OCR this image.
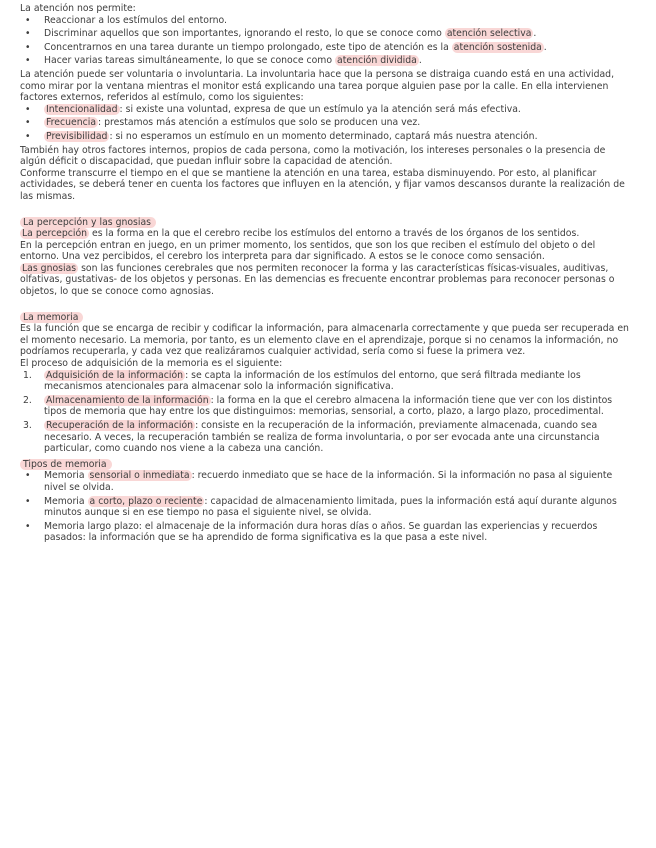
La atención nos permite:

• Reaccionar a los estímulos del entorno.
• Discriminar aquellos que son importantes, ignorando el resto, lo que se conoce como atención selectiva .
• Concentrarnos en una tarea durante un tiempo prolongado, este tipo de atención es la atención sostenida .
• Hacer varias tareas simultáneamente, lo que se conoce como atención dividida .

La atención puede ser voluntaria o involuntaria. La involuntaria hace que la persona se distraiga cuando está en una actividad, como mirar por la ventana mientras el monitor está explicando una tarea porque alguien pase por la calle. En ella intervienen factores externos, referidos al estímulo, como los siguientes:

• Intencionalidad : si existe una voluntad, expresa de que un estímulo ya la atención será más efectiva.
• Frecuencia : prestamos más atención a estímulos que solo se producen una vez.
• Previsibilidad : si no esperamos un estímulo en un momento determinado, captará más nuestra atención.

También hay otros factores internos, propios de cada persona, como la motivación, los intereses personales o la presencia de algún déficit o discapacidad, que puedan influir sobre la capacidad de atención.

Conforme transcurre el tiempo en el que se mantiene la atención en una tarea, estaba disminuyendo. Por esto, al planificar actividades, se deberá tener en cuenta los factores que influyen en la atención, y fijar vamos descansos durante la realización de las mismas.

La percepción y las gnosias

La percepción es la forma en la que el cerebro recibe los estímulos del entorno a través de los órganos de los sentidos.

En la percepción entran en juego, en un primer momento, los sentidos, que son los que reciben el estímulo del objeto o del entorno. Una vez percibidos, el cerebro los interpreta para dar significado. A estos se le conoce como sensación.

Las gnosias son las funciones cerebrales que nos permiten reconocer la forma y las características físicas-visuales, auditivas, olfativas, gustativas- de los objetos y personas. En las demencias es frecuente encontrar problemas para reconocer personas o objetos, lo que se conoce como agnosias.

La memoria

Es la función que se encarga de recibir y codificar la información, para almacenarla correctamente y que pueda ser recuperada en el momento necesario. La memoria, por tanto, es un elemento clave en el aprendizaje, porque si no cenamos la información, no podríamos recuperarla, y cada vez que realizáramos cualquier actividad, sería como si fuese la primera vez.

El proceso de adquisición de la memoria es el siguiente:

1. Adquisición de la información : se capta la información de los estímulos del entorno, que será filtrada mediante los mecanismos atencionales para almacenar solo la información significativa.
2. Almacenamiento de la información : la forma en la que el cerebro almacena la información tiene que ver con los distintos tipos de memoria que hay entre los que distinguimos: memorias, sensorial, a corto, plazo, a largo plazo, procedimental.
3. Recuperación de la información : consiste en la recuperación de la información, previamente almacenada, cuando sea necesario. A veces, la recuperación también se realiza de forma involuntaria, o por ser evocada ante una circunstancia particular, como cuando nos viene a la cabeza una canción.
Tipos de memoria
• Memoria sensorial o inmediata : recuerdo inmediato que se hace de la información. Si la información no pasa al siguiente nivel se olvida.
• Memoria a corto, plazo o reciente : capacidad de almacenamiento limitada, pues la información está aquí durante algunos minutos aunque si en ese tiempo no pasa el siguiente nivel, se olvida.
• Memoria largo plazo: el almacenaje de la información dura horas días o años. Se guardan las experiencias y recuerdos pasados: la información que se ha aprendido de forma significativa es la que pasa a este nivel.
